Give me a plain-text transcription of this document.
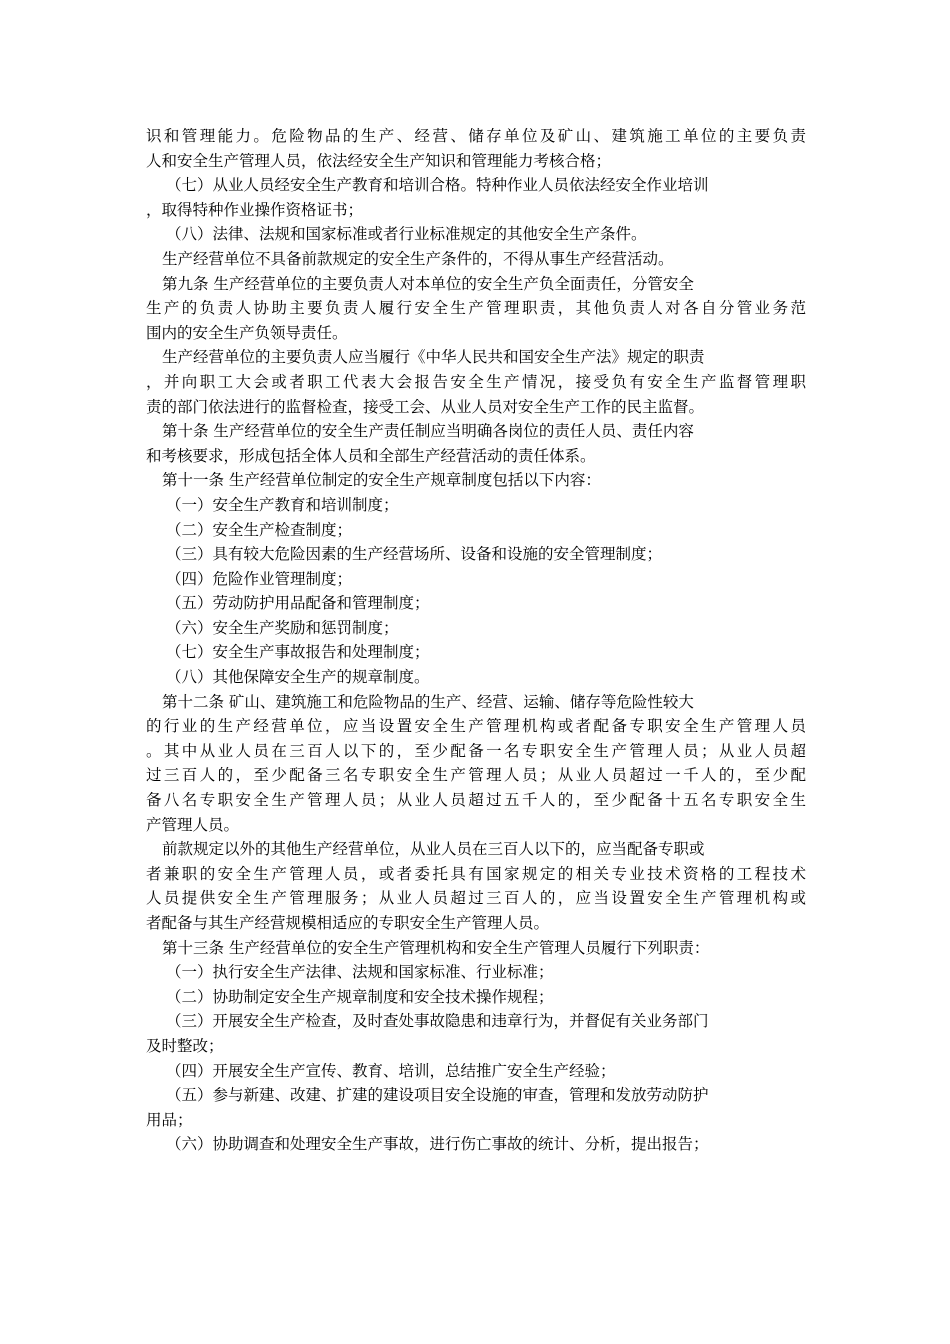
识和管理能力。危险物品的生产、经营、储存单位及矿山、建筑施工单位的主要负责
人和安全生产管理人员，依法经安全生产知识和管理能力考核合格；
（七）从业人员经安全生产教育和培训合格。特种作业人员依法经安全作业培训
，取得特种作业操作资格证书；
（八）法律、法规和国家标准或者行业标准规定的其他安全生产条件。
生产经营单位不具备前款规定的安全生产条件的，不得从事生产经营活动。
第九条 生产经营单位的主要负责人对本单位的安全生产负全面责任，分管安全
生产的负责人协助主要负责人履行安全生产管理职责，其他负责人对各自分管业务范
围内的安全生产负领导责任。
生产经营单位的主要负责人应当履行《中华人民共和国安全生产法》规定的职责
，并向职工大会或者职工代表大会报告安全生产情况，接受负有安全生产监督管理职
责的部门依法进行的监督检查，接受工会、从业人员对安全生产工作的民主监督。
第十条 生产经营单位的安全生产责任制应当明确各岗位的责任人员、责任内容
和考核要求，形成包括全体人员和全部生产经营活动的责任体系。
第十一条 生产经营单位制定的安全生产规章制度包括以下内容：
（一）安全生产教育和培训制度；
（二）安全生产检查制度；
（三）具有较大危险因素的生产经营场所、设备和设施的安全管理制度；
（四）危险作业管理制度；
（五）劳动防护用品配备和管理制度；
（六）安全生产奖励和惩罚制度；
（七）安全生产事故报告和处理制度；
（八）其他保障安全生产的规章制度。
第十二条 矿山、建筑施工和危险物品的生产、经营、运输、储存等危险性较大
的行业的生产经营单位，应当设置安全生产管理机构或者配备专职安全生产管理人员
。其中从业人员在三百人以下的，至少配备一名专职安全生产管理人员；从业人员超
过三百人的，至少配备三名专职安全生产管理人员；从业人员超过一千人的，至少配
备八名专职安全生产管理人员；从业人员超过五千人的，至少配备十五名专职安全生
产管理人员。
前款规定以外的其他生产经营单位，从业人员在三百人以下的，应当配备专职或
者兼职的安全生产管理人员，或者委托具有国家规定的相关专业技术资格的工程技术
人员提供安全生产管理服务；从业人员超过三百人的，应当设置安全生产管理机构或
者配备与其生产经营规模相适应的专职安全生产管理人员。
第十三条 生产经营单位的安全生产管理机构和安全生产管理人员履行下列职责：
（一）执行安全生产法律、法规和国家标准、行业标准；
（二）协助制定安全生产规章制度和安全技术操作规程；
（三）开展安全生产检查，及时查处事故隐患和违章行为，并督促有关业务部门
及时整改；
（四）开展安全生产宣传、教育、培训，总结推广安全生产经验；
（五）参与新建、改建、扩建的建设项目安全设施的审查，管理和发放劳动防护
用品；
（六）协助调查和处理安全生产事故，进行伤亡事故的统计、分析，提出报告；
